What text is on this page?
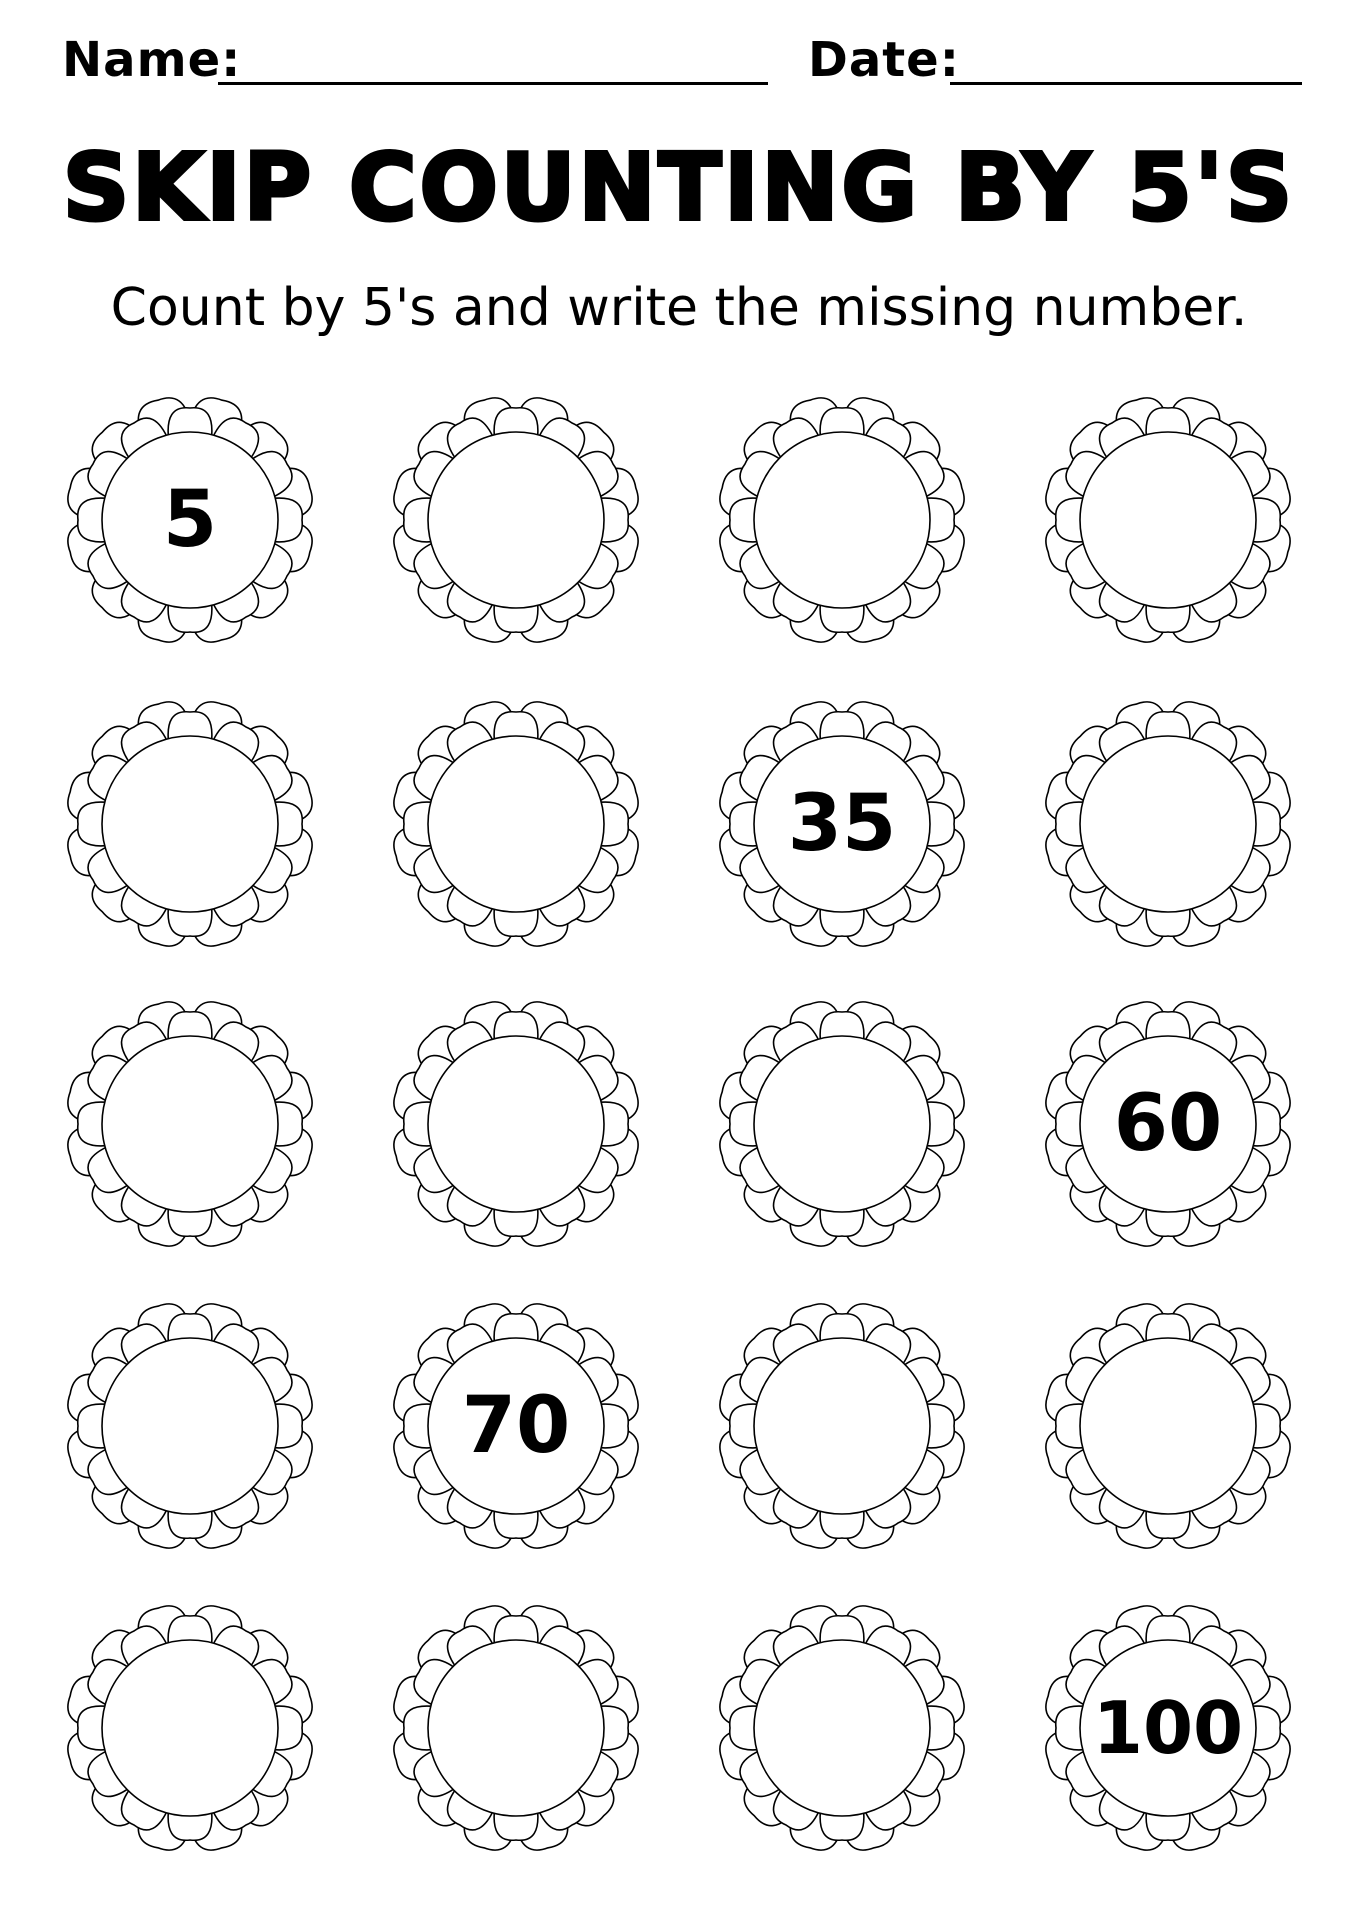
Name:	Date:
SKIP COUNTING BY 5'S
Count by 5's and write the missing number.
5
35
60
70
100
